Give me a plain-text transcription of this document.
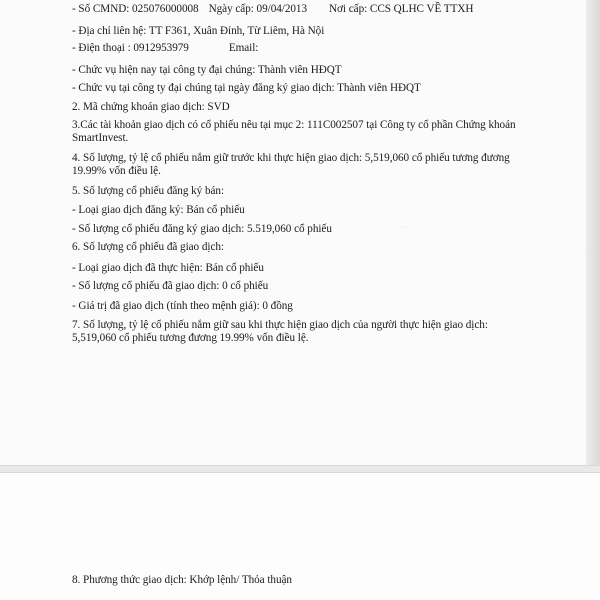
- Số CMND: 025076000008 Ngày cấp: 09/04/2013 Nơi cấp: CCS QLHC VỀ TTXH
- Địa chỉ liên hệ: TT F361, Xuân Đỉnh, Từ Liêm, Hà Nội
- Điện thoại : 0912953979	Email:
- Chức vụ hiện nay tại công ty đại chúng: Thành viên HĐQT
- Chức vụ tại công ty đại chúng tại ngày đăng ký giao dịch: Thành viên HĐQT
2. Mã chứng khoán giao dịch: SVD
3.Các tài khoản giao dịch có cổ phiếu nêu tại mục 2: 111C002507 tại Công ty cổ phần Chứng khoán SmartInvest.
4. Số lượng, tỷ lệ cổ phiếu nắm giữ trước khi thực hiện giao dịch: 5,519,060 cổ phiếu tương đương 19.99% vốn điều lệ.
5. Số lượng cổ phiếu đăng ký bán:
- Loại giao dịch đăng ký: Bán cổ phiếu
- Số lượng cổ phiếu đăng ký giao dịch: 5.519,060 cổ phiếu
6. Số lượng cổ phiếu đã giao dịch:
- Loại giao dịch đã thực hiện: Bán cổ phiếu
- Số lượng cổ phiếu đã giao dịch: 0 cổ phiếu
- Giá trị đã giao dịch (tính theo mệnh giá): 0 đồng
7. Số lượng, tỷ lệ cổ phiếu nắm giữ sau khi thực hiện giao dịch của người thực hiện giao dịch: 5,519,060 cổ phiếu tương đương 19.99% vốn điều lệ.
8. Phương thức giao dịch: Khớp lệnh/ Thỏa thuận
